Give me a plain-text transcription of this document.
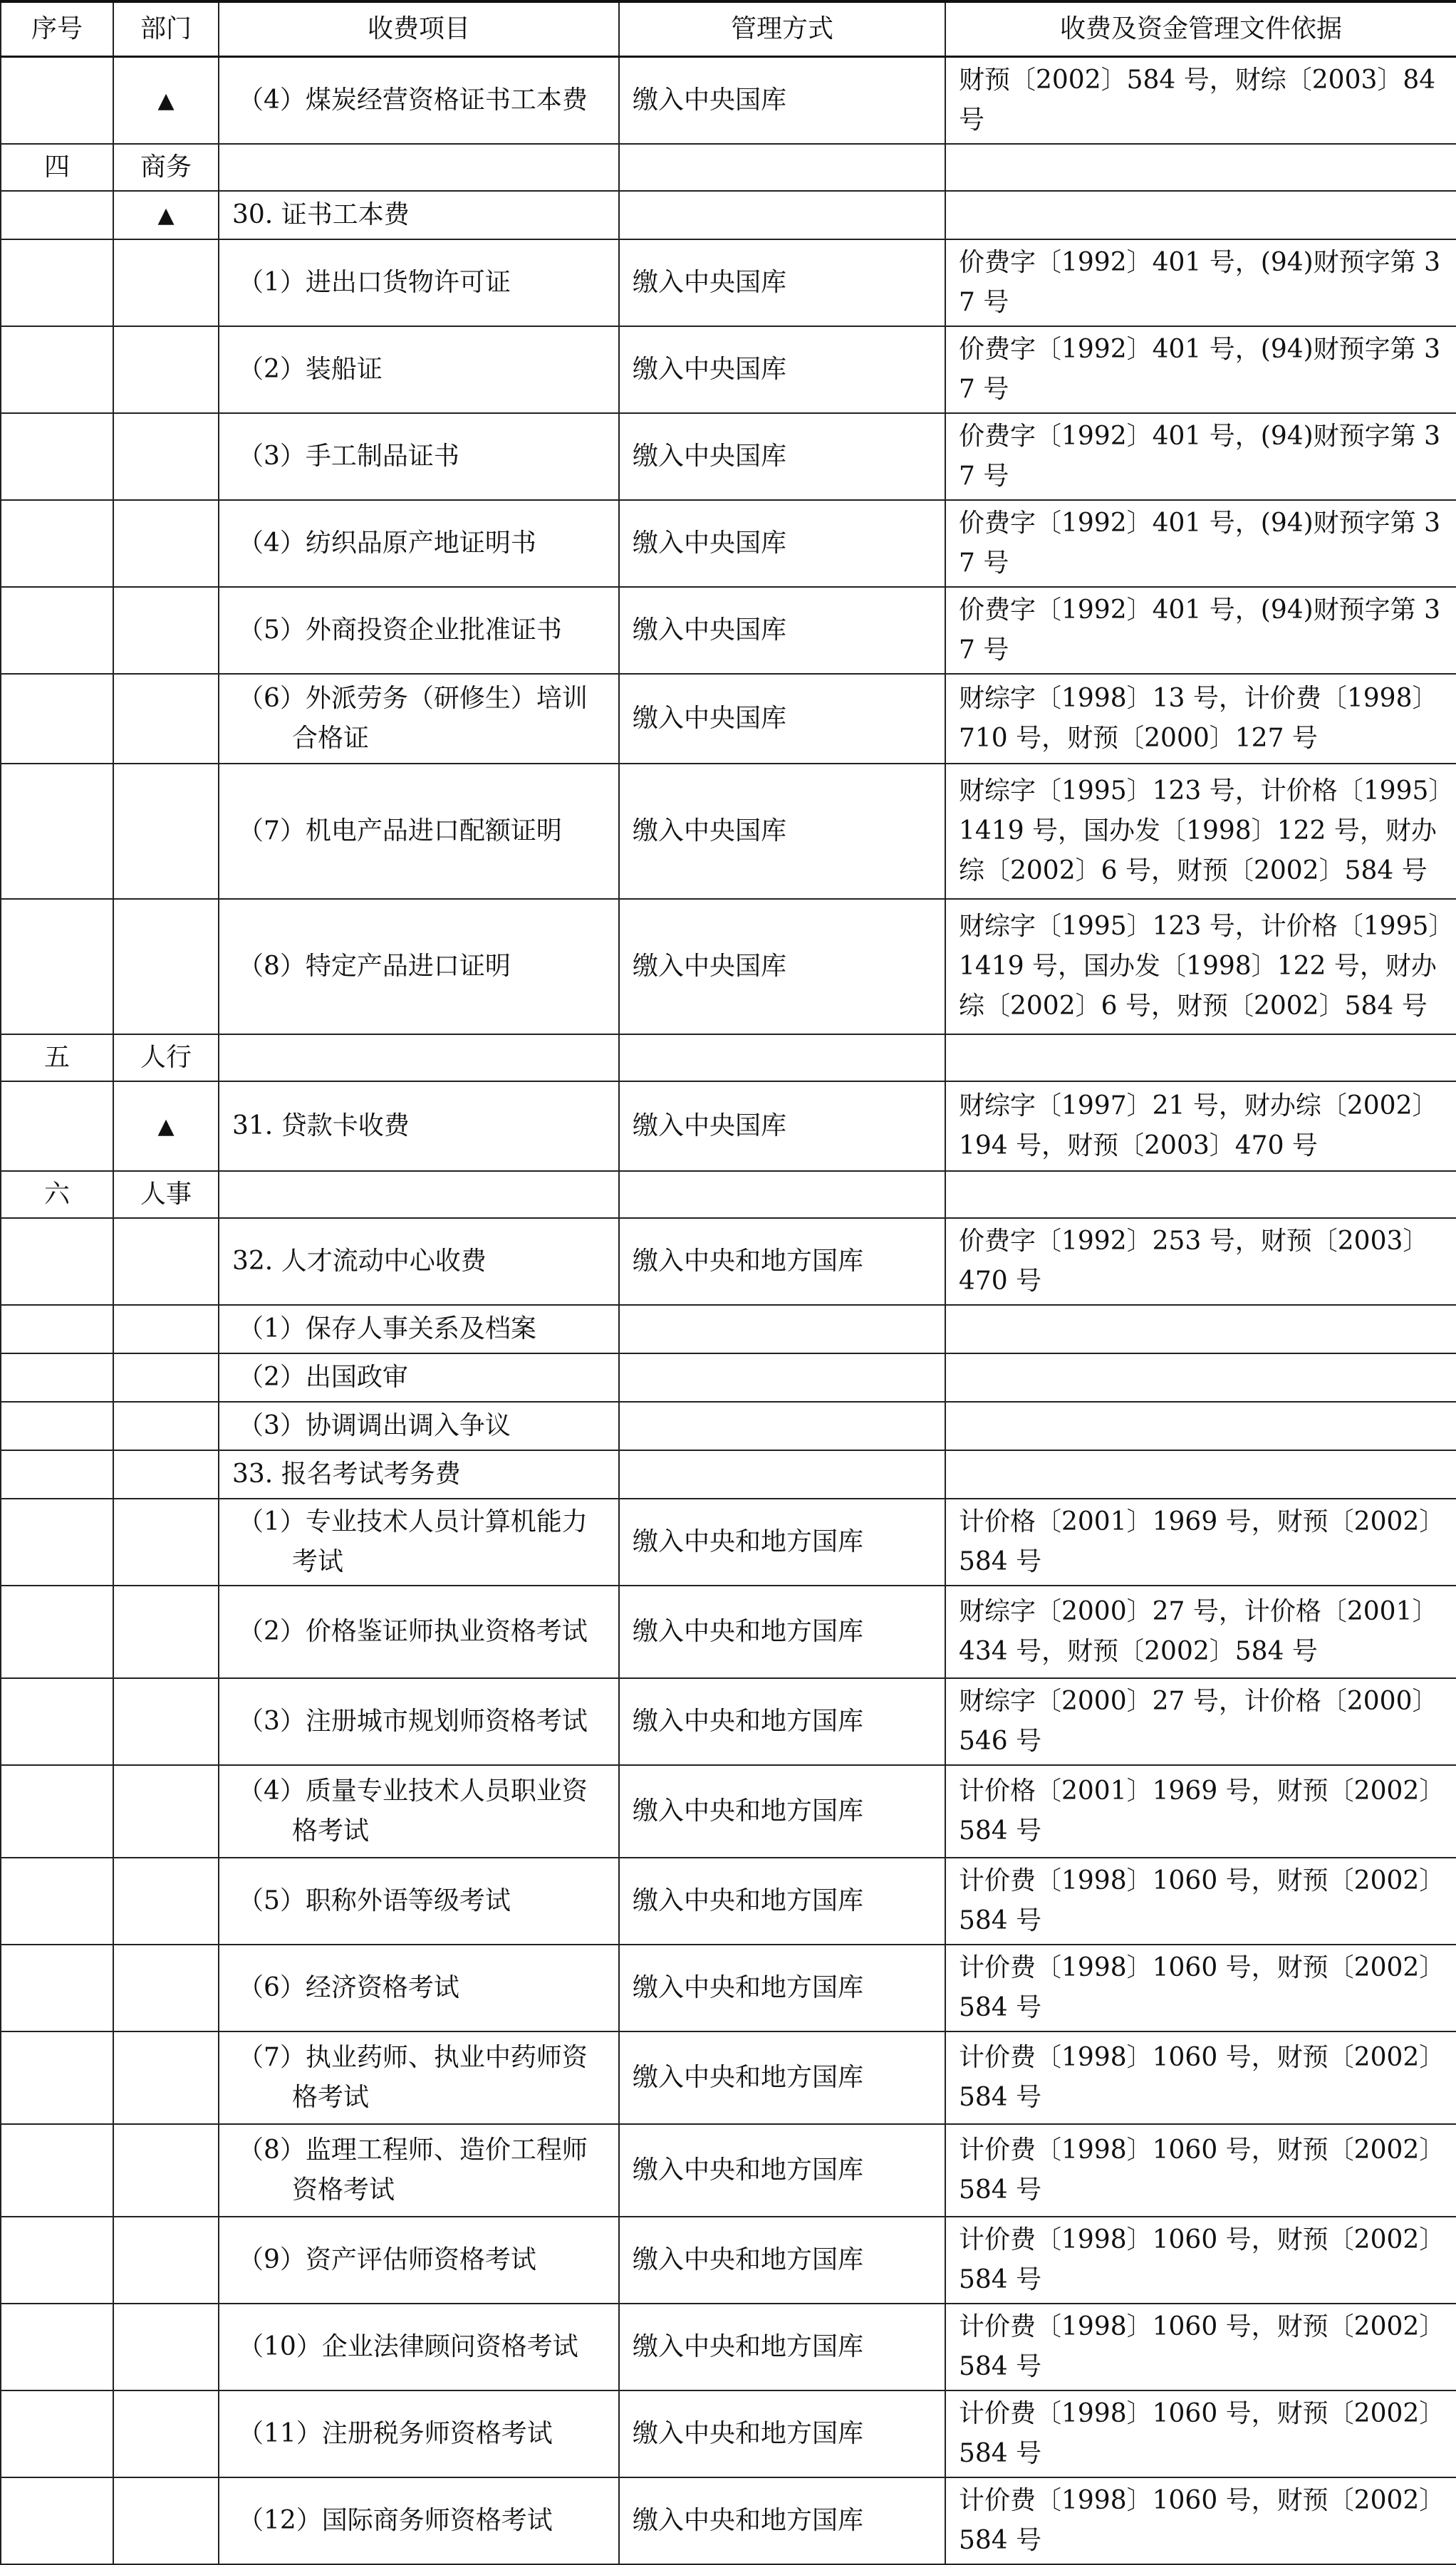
序号	部门	收费项目	管理方式	收费及资金管理文件依据
	▲	（4）煤炭经营资格证书工本费	缴入中央国库	财预〔2002〕584 号，财综〔2003〕84 号
四	商务			
	▲	30. 证书工本费		

		（1）进出口货物许可证	缴入中央国库	价费字〔1992〕401 号，(94)财预字第 37 号

		（2）装船证	缴入中央国库	价费字〔1992〕401 号，(94)财预字第 37 号

		（3）手工制品证书	缴入中央国库	价费字〔1992〕401 号，(94)财预字第 37 号

		（4）纺织品原产地证明书	缴入中央国库	价费字〔1992〕401 号，(94)财预字第 37 号

		（5）外商投资企业批准证书	缴入中央国库	价费字〔1992〕401 号，(94)财预字第 37 号

		（6）外派劳务（研修生）培训合格证	缴入中央国库	财综字〔1998〕13 号，计价费〔1998〕710 号，财预〔2000〕127 号

		（7）机电产品进口配额证明	缴入中央国库	财综字〔1995〕123 号，计价格〔1995〕1419 号，国办发〔1998〕122 号，财办综〔2002〕6 号，财预〔2002〕584 号

		（8）特定产品进口证明	缴入中央国库	财综字〔1995〕123 号，计价格〔1995〕1419 号，国办发〔1998〕122 号，财办综〔2002〕6 号，财预〔2002〕584 号
五	人行			
	▲	31. 贷款卡收费	缴入中央国库	财综字〔1997〕21 号，财办综〔2002〕194 号，财预〔2003〕470 号
六	人事			
		32. 人才流动中心收费	缴入中央和地方国库	价费字〔1992〕253 号，财预〔2003〕470 号

		（1）保存人事关系及档案		

		（2）出国政审		

		（3）协调调出调入争议		

		33. 报名考试考务费		

		（1）专业技术人员计算机能力考试	缴入中央和地方国库	计价格〔2001〕1969 号，财预〔2002〕584 号

		（2）价格鉴证师执业资格考试	缴入中央和地方国库	财综字〔2000〕27 号，计价格〔2001〕434 号，财预〔2002〕584 号

		（3）注册城市规划师资格考试	缴入中央和地方国库	财综字〔2000〕27 号，计价格〔2000〕546 号

		（4）质量专业技术人员职业资格考试	缴入中央和地方国库	计价格〔2001〕1969 号，财预〔2002〕584 号

		（5）职称外语等级考试	缴入中央和地方国库	计价费〔1998〕1060 号，财预〔2002〕584 号

		（6）经济资格考试	缴入中央和地方国库	计价费〔1998〕1060 号，财预〔2002〕584 号

		（7）执业药师、执业中药师资格考试	缴入中央和地方国库	计价费〔1998〕1060 号，财预〔2002〕584 号

		（8）监理工程师、造价工程师资格考试	缴入中央和地方国库	计价费〔1998〕1060 号，财预〔2002〕584 号

		（9）资产评估师资格考试	缴入中央和地方国库	计价费〔1998〕1060 号，财预〔2002〕584 号

		（10）企业法律顾问资格考试	缴入中央和地方国库	计价费〔1998〕1060 号，财预〔2002〕584 号

		（11）注册税务师资格考试	缴入中央和地方国库	计价费〔1998〕1060 号，财预〔2002〕584 号

		（12）国际商务师资格考试	缴入中央和地方国库	计价费〔1998〕1060 号，财预〔2002〕584 号
